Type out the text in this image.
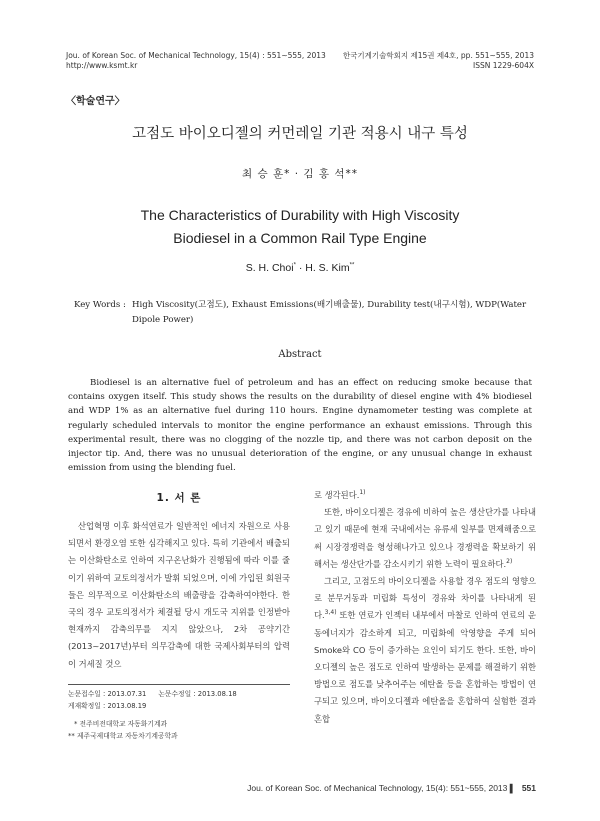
Jou. of Korean Soc. of Mechanical Technology, 15(4) : 551~555, 2013
http://www.ksmt.kr
한국기계기술학회지 제15권 제4호, pp. 551~555, 2013
ISSN 1229-604X
〈학술연구〉
고점도 바이오디젤의 커먼레일 기관 적용시 내구 특성
최 승 훈* · 김 홍 석**
The Characteristics of Durability with High Viscosity
Biodiesel in a Common Rail Type Engine
S. H. Choi* · H. S. Kim**
Key Words : High Viscosity(고점도), Exhaust Emissions(배기배출물), Durability test(내구시험), WDP(Water Dipole Power)
Abstract
Biodiesel is an alternative fuel of petroleum and has an effect on reducing smoke because that contains oxygen itself. This study shows the results on the durability of diesel engine with 4% biodiesel and WDP 1% as an alternative fuel during 110 hours. Engine dynamometer testing was complete at regularly scheduled intervals to monitor the engine performance an exhaust emissions. Through this experimental result, there was no clogging of the nozzle tip, and there was not carbon deposit on the injector tip. And, there was no unusual deterioration of the engine, or any unusual change in exhaust emission from using the blending fuel.
1. 서 론
산업혁명 이후 화석연료가 일반적인 에너지 자원으로 사용되면서 환경오염 또한 심각해지고 있다. 특히 기관에서 배출되는 이산화탄소로 인하여 지구온난화가 진행됨에 따라 이를 줄이기 위하여 교토의정서가 발휘 되었으며, 이에 가입된 회원국들은 의무적으로 이산화탄소의 배출량을 감축하여야한다. 한국의 경우 교토의정서가 체결될 당시 개도국 지위를 인정받아 현재까지 감축의무를 지지 않았으나, 2차 공약기간(2013~2017년)부터 의무감축에 대한 국제사회부터의 압력이 거세질 것으
로 생각된다.$^{1)}$
또한, 바이오디젤은 경유에 비하여 높은 생산단가를 나타내고 있기 때문에 현재 국내에서는 유류세 일부를 면제해줌으로써 시장경쟁력을 형성해나가고 있으나 경쟁력을 확보하기 위해서는 생산단가를 감소시키기 위한 노력이 필요하다.$^{2)}$
그리고, 고점도의 바이오디젤을 사용할 경우 점도의 영향으로 분무거동과 미립화 특성이 경유와 차이를 나타내게 된다.$^{3,4)}$ 또한 연료가 인젝터 내부에서 마찰로 인하여 연료의 운동에너지가 감소하게 되고, 미립화에 악영향을 주게 되어 Smoke와 CO 등이 증가하는 요인이 되기도 한다. 또한, 바이오디젤의 높은 점도로 인하여 발생하는 문제를 해결하기 위한 방법으로 점도를 낮추어주는 에탄올 등을 혼합하는 방법이 연구되고 있으며, 바이오디젤과 에탄올을 혼합하여 실험한 결과 혼합
논문접수일 : 2013.07.31 논문수정일 : 2013.08.18
게재확정일 : 2013.08.19
* 전주비전대학교 자동화기계과
** 제주국제대학교 자동차기계공학과
Jou. of Korean Soc. of Mechanical Technology, 15(4): 551~555, 2013 ▌ 551
